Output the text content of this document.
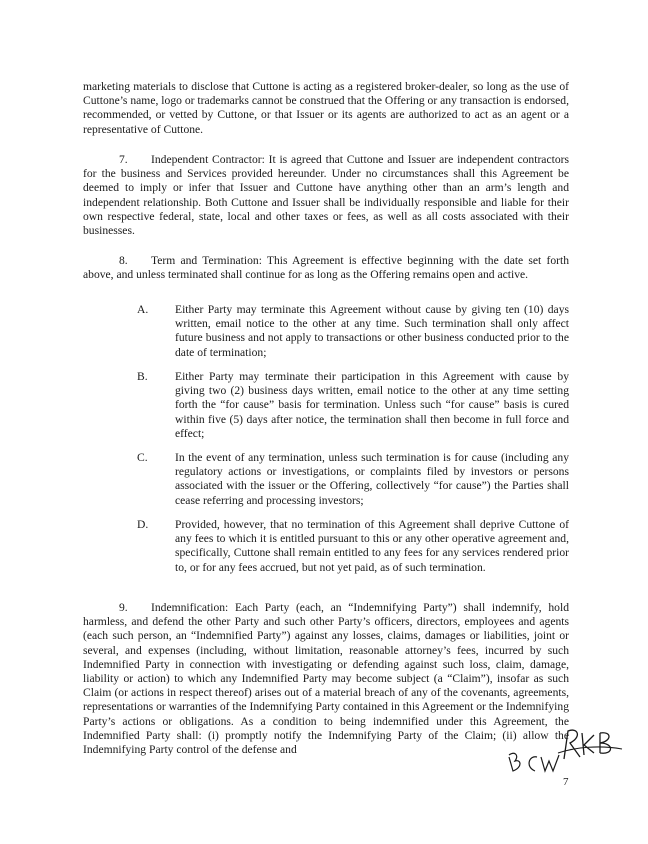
marketing materials to disclose that Cuttone is acting as a registered broker-dealer, so long as the use of Cuttone’s name, logo or trademarks cannot be construed that the Offering or any transaction is endorsed, recommended, or vetted by Cuttone, or that Issuer or its agents are authorized to act as an agent or a representative of Cuttone.

7. Independent Contractor: It is agreed that Cuttone and Issuer are independent contractors for the business and Services provided hereunder. Under no circumstances shall this Agreement be deemed to imply or infer that Issuer and Cuttone have anything other than an arm’s length and independent relationship. Both Cuttone and Issuer shall be individually responsible and liable for their own respective federal, state, local and other taxes or fees, as well as all costs associated with their businesses.

8. Term and Termination: This Agreement is effective beginning with the date set forth above, and unless terminated shall continue for as long as the Offering remains open and active.

A.	Either Party may terminate this Agreement without cause by giving ten (10) days written, email notice to the other at any time. Such termination shall only affect future business and not apply to transactions or other business conducted prior to the date of termination;
B.	Either Party may terminate their participation in this Agreement with cause by giving two (2) business days written, email notice to the other at any time setting forth the “for cause” basis for termination. Unless such “for cause” basis is cured within five (5) days after notice, the termination shall then become in full force and effect;
C.	In the event of any termination, unless such termination is for cause (including any regulatory actions or investigations, or complaints filed by investors or persons associated with the issuer or the Offering, collectively “for cause”) the Parties shall cease referring and processing investors;
D.	Provided, however, that no termination of this Agreement shall deprive Cuttone of any fees to which it is entitled pursuant to this or any other operative agreement and, specifically, Cuttone shall remain entitled to any fees for any services rendered prior to, or for any fees accrued, but not yet paid, as of such termination.

9. Indemnification: Each Party (each, an “Indemnifying Party”) shall indemnify, hold harmless, and defend the other Party and such other Party’s officers, directors, employees and agents (each such person, an “Indemnified Party”) against any losses, claims, damages or liabilities, joint or several, and expenses (including, without limitation, reasonable attorney’s fees, incurred by such Indemnified Party in connection with investigating or defending against such loss, claim, damage, liability or action) to which any Indemnified Party may become subject (a “Claim”), insofar as such Claim (or actions in respect thereof) arises out of a material breach of any of the covenants, agreements, representations or warranties of the Indemnifying Party contained in this Agreement or the Indemnifying Party’s actions or obligations. As a condition to being indemnified under this Agreement, the Indemnified Party shall: (i) promptly notify the Indemnifying Party of the Claim; (ii) allow the Indemnifying Party control of the defense and

7
